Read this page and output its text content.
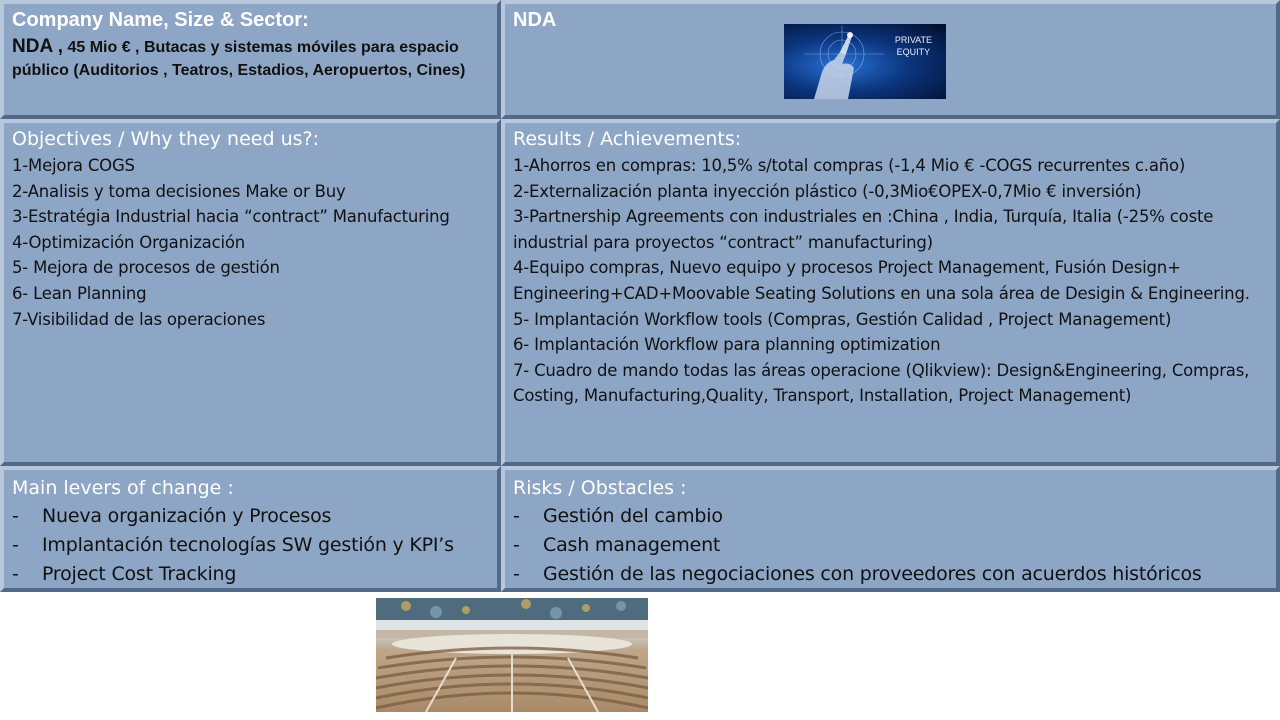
Company Name, Size & Sector:
NDA , 45 Mio € , Butacas y sistemas móviles para espacio público (Auditorios , Teatros, Estadios, Aeropuertos, Cines)
NDA
PRIVATE
EQUITY
Objectives / Why they need us?:
1-Mejora COGS
2-Analisis y toma decisiones Make or Buy
3-Estratégia Industrial hacia “contract” Manufacturing
4-Optimización Organización
5- Mejora de procesos de gestión
6- Lean Planning
7-Visibilidad de las operaciones
Results / Achievements:
1-Ahorros en compras: 10,5% s/total compras (-1,4 Mio € -COGS recurrentes c.año)
2-Externalización planta inyección plástico (-0,3Mio€OPEX-0,7Mio € inversión)
3-Partnership Agreements con industriales en :China , India, Turquía, Italia (-25% coste industrial para proyectos “contract” manufacturing)
4-Equipo compras, Nuevo equipo y procesos Project Management, Fusión Design+ Engineering+CAD+Moovable Seating Solutions en una sola área de Desigin & Engineering.
5- Implantación Workflow tools (Compras, Gestión Calidad , Project Management)
6- Implantación Workflow para planning optimization
7- Cuadro de mando todas las áreas operacione (Qlikview): Design&Engineering, Compras, Costing, Manufacturing,Quality, Transport, Installation, Project Management)
Main levers of change :
-	Nueva organización y Procesos
-	Implantación tecnologías SW gestión y KPI’s
-	Project Cost Tracking
Risks / Obstacles :
-	Gestión del cambio
-	Cash management
-	Gestión de las negociaciones con proveedores con acuerdos históricos
